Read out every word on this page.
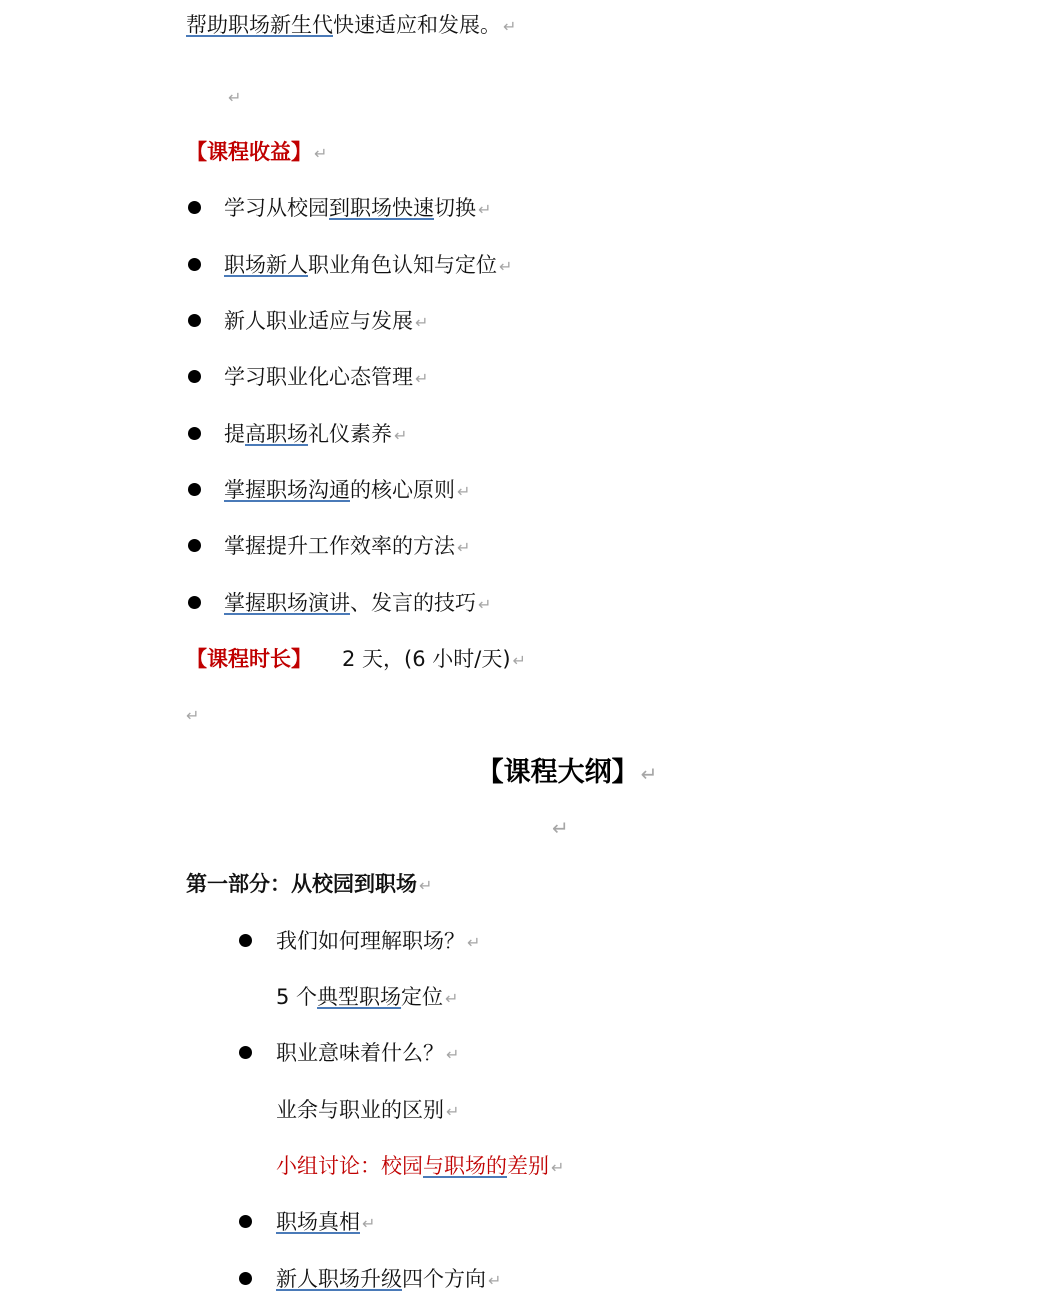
帮助职场新生代快速适应和发展。 ↵
↵
【课程收益】 ↵
学习从校园到职场快速切换 ↵
职场新人职业角色认知与定位 ↵
新人职业适应与发展 ↵
学习职业化心态管理 ↵
提高职场礼仪素养 ↵
掌握职场沟通的核心原则 ↵
掌握提升工作效率的方法 ↵
掌握职场演讲、发言的技巧 ↵
【课程时长】 2 天，(6 小时/天) ↵
↵
【课程大纲】 ↵
↵
第一部分：从校园到职场 ↵
我们如何理解职场？ ↵
5 个典型职场定位 ↵
职业意味着什么？ ↵
业余与职业的区别 ↵
小组讨论：校园与职场的差别 ↵
职场真相 ↵
新人职场升级四个方向 ↵
